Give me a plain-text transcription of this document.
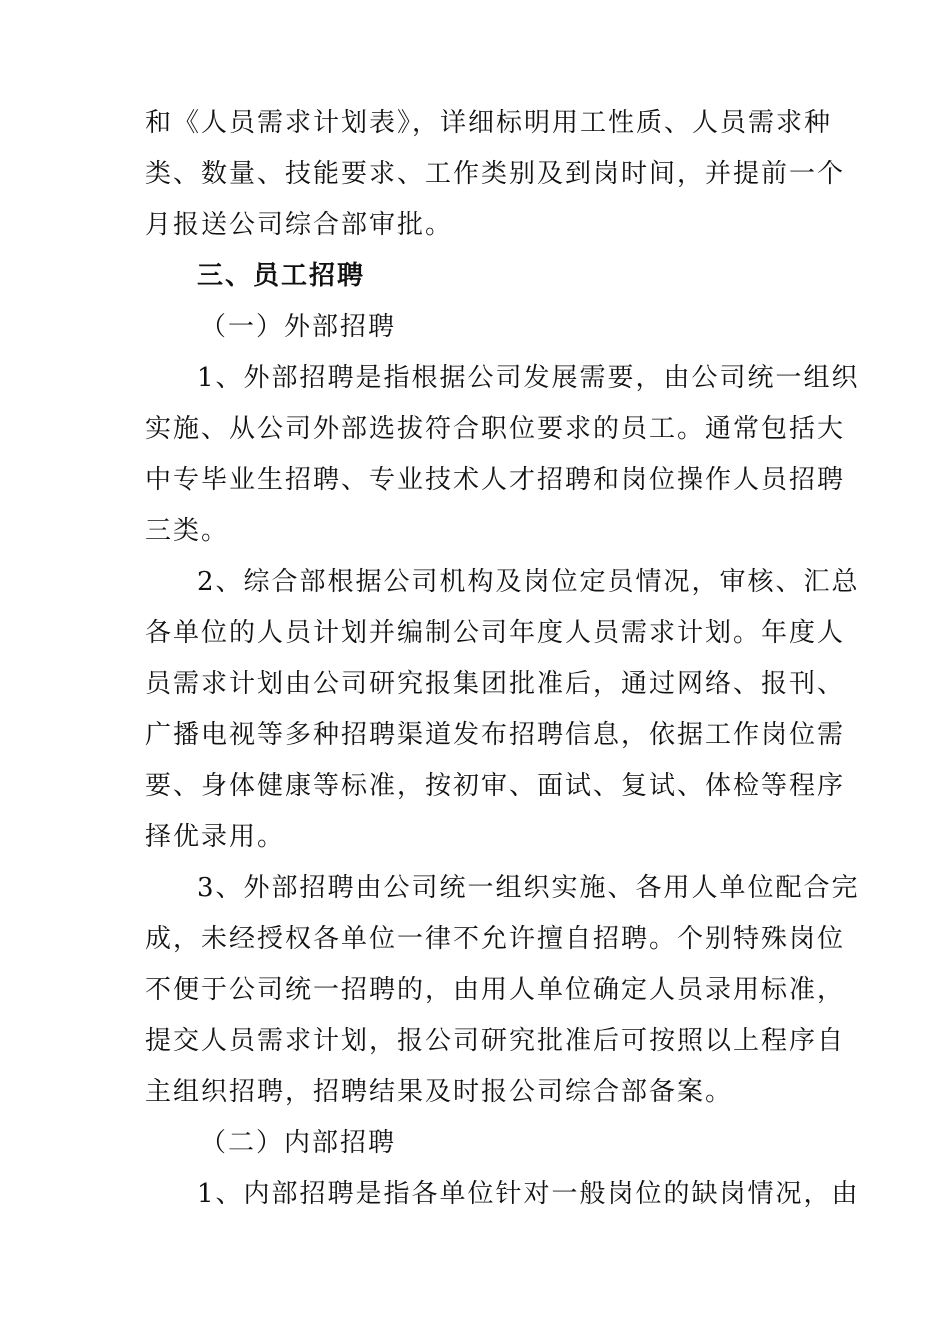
和《人员需求计划表》，详细标明用工性质、人员需求种
类、数量、技能要求、工作类别及到岗时间，并提前一个
月报送公司综合部审批。
三、员工招聘
（一）外部招聘
1、外部招聘是指根据公司发展需要，由公司统一组织
实施、从公司外部选拔符合职位要求的员工。通常包括大
中专毕业生招聘、专业技术人才招聘和岗位操作人员招聘
三类。
2、综合部根据公司机构及岗位定员情况，审核、汇总
各单位的人员计划并编制公司年度人员需求计划。年度人
员需求计划由公司研究报集团批准后，通过网络、报刊、
广播电视等多种招聘渠道发布招聘信息，依据工作岗位需
要、身体健康等标准，按初审、面试、复试、体检等程序
择优录用。
3、外部招聘由公司统一组织实施、各用人单位配合完
成，未经授权各单位一律不允许擅自招聘。个别特殊岗位
不便于公司统一招聘的，由用人单位确定人员录用标准，
提交人员需求计划，报公司研究批准后可按照以上程序自
主组织招聘，招聘结果及时报公司综合部备案。
（二）内部招聘
1、内部招聘是指各单位针对一般岗位的缺岗情况，由
